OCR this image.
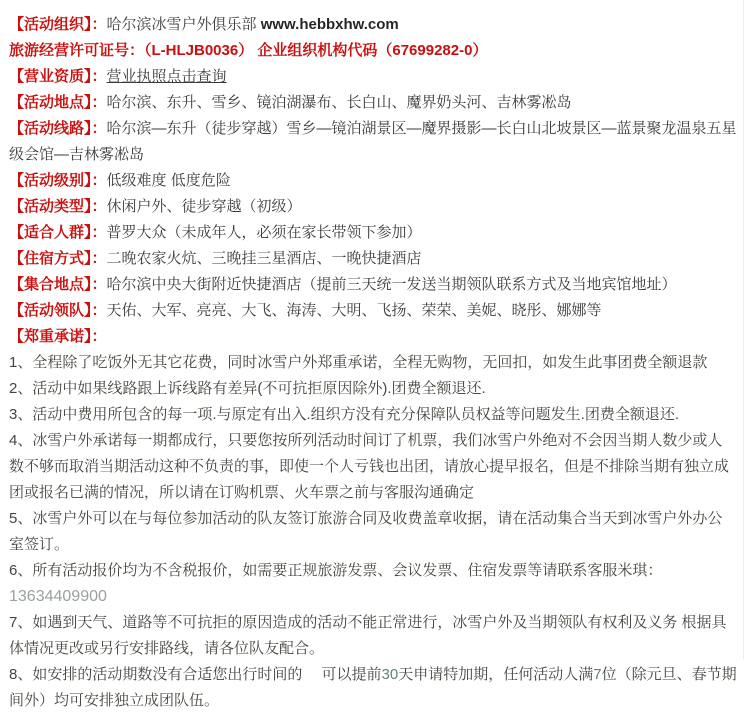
【活动组织】：哈尔滨冰雪户外俱乐部 www.hebbxhw.com
旅游经营许可证号：（L-HLJB0036） 企业组织机构代码（67699282-0）
【营业资质】：营业执照点击查询
【活动地点】：哈尔滨、东升、雪乡、镜泊湖瀑布、长白山、魔界奶头河、吉林雾凇岛
【活动线路】：哈尔滨—东升（徒步穿越）雪乡—镜泊湖景区—魔界摄影—长白山北坡景区—蓝景聚龙温泉五星级会馆—吉林雾凇岛
【活动级别】：低级难度 低度危险
【活动类型】：休闲户外、徒步穿越（初级）
【适合人群】：普罗大众（未成年人，必须在家长带领下参加）
【住宿方式】：二晚农家火炕、三晚挂三星酒店、一晚快捷酒店
【集合地点】：哈尔滨中央大街附近快捷酒店（提前三天统一发送当期领队联系方式及当地宾馆地址）
【活动领队】：天佑、大军、亮亮、大飞、海涛、大明、飞扬、荣荣、美妮、晓彤、娜娜等
【郑重承诺】：

1、全程除了吃饭外无其它花费，同时冰雪户外郑重承诺，全程无购物，无回扣，如发生此事团费全额退款

2、活动中如果线路跟上诉线路有差异(不可抗拒原因除外).团费全额退还.

3、活动中费用所包含的每一项.与原定有出入.组织方没有充分保障队员权益等问题发生.团费全额退还.

4、冰雪户外承诺每一期都成行，只要您按所列活动时间订了机票，我们冰雪户外绝对不会因当期人数少或人数不够而取消当期活动这种不负责的事，即使一个人亏钱也出团，请放心提早报名，但是不排除当期有独立成团或报名已满的情况，所以请在订购机票、火车票之前与客服沟通确定

5、冰雪户外可以在与每位参加活动的队友签订旅游合同及收费盖章收据，请在活动集合当天到冰雪户外办公室签订。

6、所有活动报价均为不含税报价，如需要正规旅游发票、会议发票、住宿发票等请联系客服米琪：13634409900

7、如遇到天气、道路等不可抗拒的原因造成的活动不能正常进行，冰雪户外及当期领队有权利及义务 根据具体情况更改或另行安排路线，请各位队友配合。

8、如安排的活动期数没有合适您出行时间的　 可以提前30天申请特加期，任何活动人满7位（除元旦、春节期间外）均可安排独立成团队伍。
